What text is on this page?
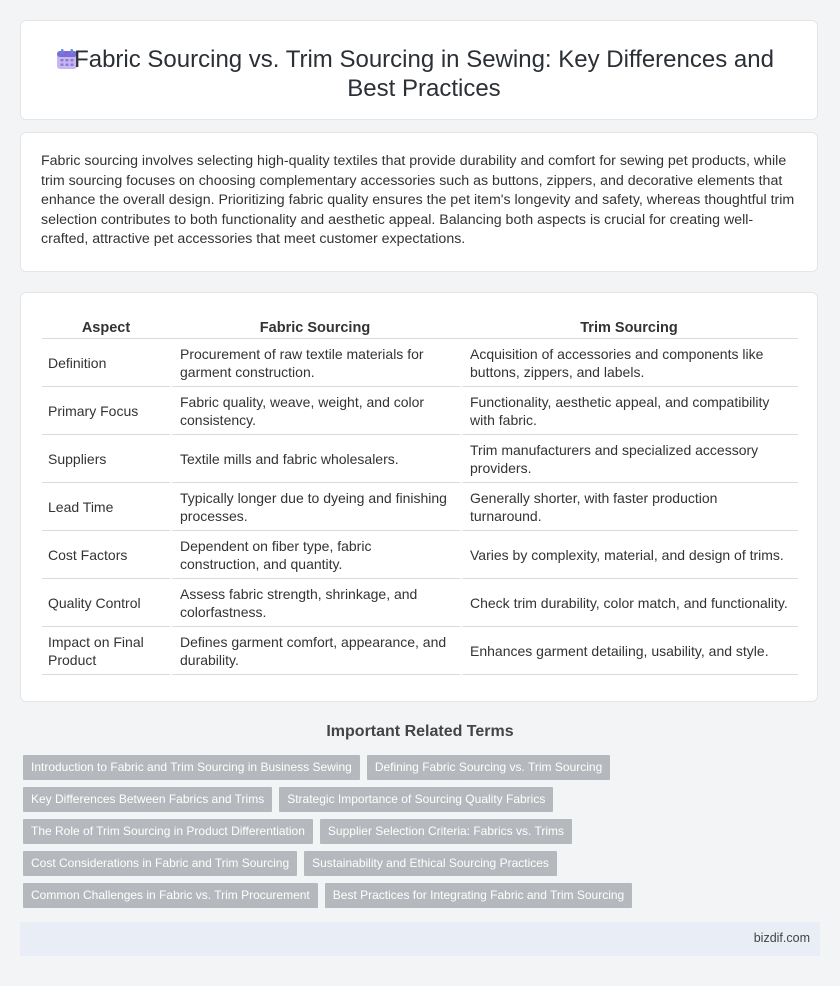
Fabric Sourcing vs. Trim Sourcing in Sewing: Key Differences and Best Practices

Fabric sourcing involves selecting high-quality textiles that provide durability and comfort for sewing pet products, while trim sourcing focuses on choosing complementary accessories such as buttons, zippers, and decorative elements that enhance the overall design. Prioritizing fabric quality ensures the pet item's longevity and safety, whereas thoughtful trim selection contributes to both functionality and aesthetic appeal. Balancing both aspects is crucial for creating well-crafted, attractive pet accessories that meet customer expectations.

Aspect	Fabric Sourcing	Trim Sourcing
Definition	Procurement of raw textile materials for garment construction.	Acquisition of accessories and components like buttons, zippers, and labels.
Primary Focus	Fabric quality, weave, weight, and color consistency.	Functionality, aesthetic appeal, and compatibility with fabric.
Suppliers	Textile mills and fabric wholesalers.	Trim manufacturers and specialized accessory providers.
Lead Time	Typically longer due to dyeing and finishing processes.	Generally shorter, with faster production turnaround.
Cost Factors	Dependent on fiber type, fabric construction, and quantity.	Varies by complexity, material, and design of trims.
Quality Control	Assess fabric strength, shrinkage, and colorfastness.	Check trim durability, color match, and functionality.
Impact on Final Product	Defines garment comfort, appearance, and durability.	Enhances garment detailing, usability, and style.
Important Related Terms
Introduction to Fabric and Trim Sourcing in Business Sewing	Defining Fabric Sourcing vs. Trim Sourcing
Key Differences Between Fabrics and Trims	Strategic Importance of Sourcing Quality Fabrics
The Role of Trim Sourcing in Product Differentiation	Supplier Selection Criteria: Fabrics vs. Trims
Cost Considerations in Fabric and Trim Sourcing	Sustainability and Ethical Sourcing Practices
Common Challenges in Fabric vs. Trim Procurement	Best Practices for Integrating Fabric and Trim Sourcing
bizdif.com
